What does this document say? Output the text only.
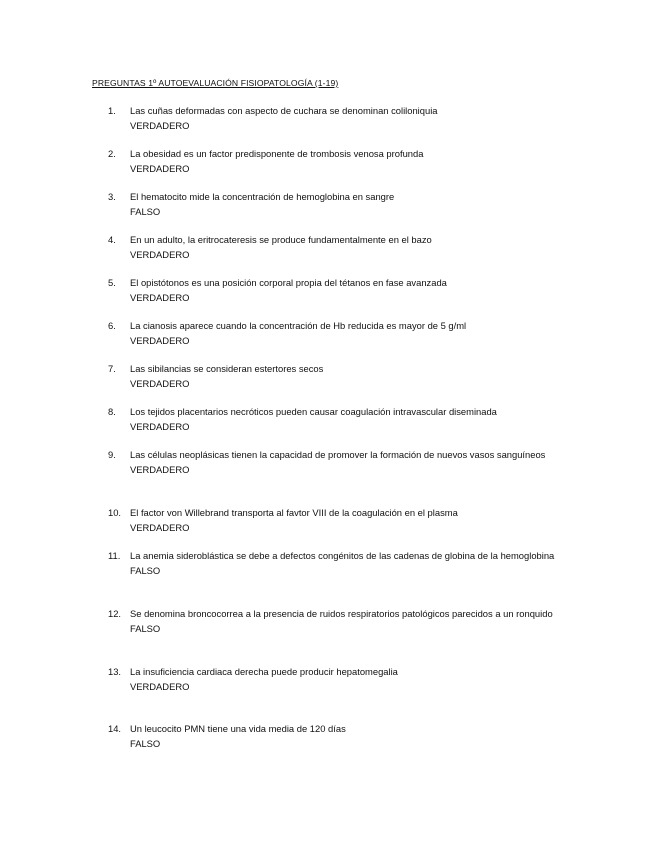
PREGUNTAS 1º AUTOEVALUACIÓN FISIOPATOLOGÍA (1-19)
1.	Las cuñas deformadas con aspecto de cuchara se denominan coliloniquia
VERDADERO
2.	La obesidad es un factor predisponente de trombosis venosa profunda
VERDADERO
3.	El hematocito mide la concentración de hemoglobina en sangre
FALSO
4.	En un adulto, la eritrocateresis se produce fundamentalmente en el bazo
VERDADERO
5.	El opistótonos es una posición corporal propia del tétanos en fase avanzada
VERDADERO
6.	La cianosis aparece cuando la concentración de Hb reducida es mayor de 5 g/ml
VERDADERO
7.	Las sibilancias se consideran estertores secos
VERDADERO
8.	Los tejidos placentarios necróticos pueden causar coagulación intravascular diseminada
VERDADERO
9.	Las células neoplásicas tienen la capacidad de promover la formación de nuevos vasos sanguíneos
VERDADERO
10. El factor von Willebrand transporta al favtor VIII de la coagulación en el plasma
VERDADERO
11.	La anemia sideroblástica se debe a defectos congénitos de las cadenas de globina de la hemoglobina
FALSO
12. Se denomina broncocorrea a la presencia de ruidos respiratorios patológicos parecidos a un ronquido
FALSO
13. La insuficiencia cardiaca derecha puede producir hepatomegalia
VERDADERO
14. Un leucocito PMN tiene una vida media de 120 días
FALSO
